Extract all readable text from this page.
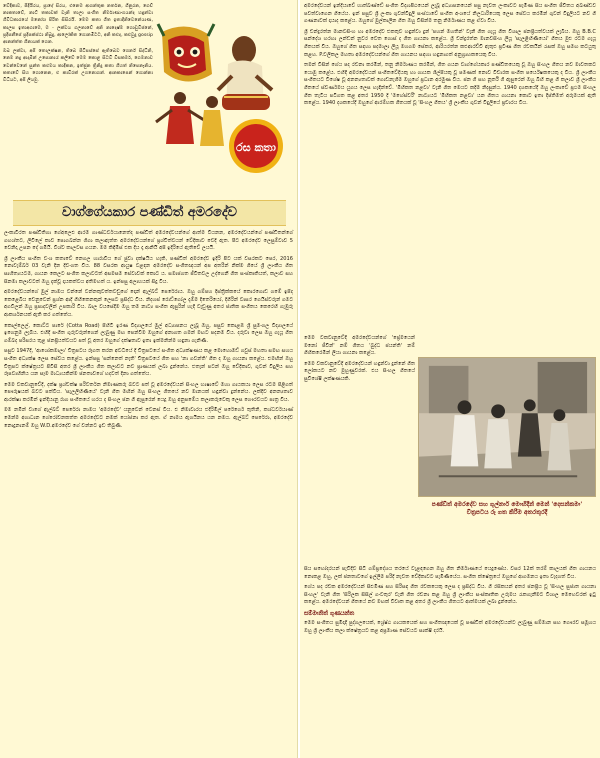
වේදිකාව, පිදීයිරය, ප්‍රාදේ සිරය, එනෙම ආගන්තුක නර්තන, ගිනුරන, ගෙච් නාකතාවේ, නාට් තකාවක් වැනි තාලා සංගීත නිර්මාණාංගයන්ද හඳුන්වා ගිවිධකාරයේ මනෝශ පිරිත සිසිරයි. මෙම කතා ගිත ඉතාදිනිවෙනේයාණ, කාලප ඉතාඅගාමෙ, ම - ලක්වය ගලනාවේ අනි නාදෙෂ්ම ගොඩුවිජනේ, ප්‍රදීපනීපේ ප්‍රදිපක්ස්ථා නිබුදු, ආලෝකිත ගොනමිටට, අනි කළුද, කළුවුදු gossip ආනන්ත්ත ගිනායක් ගෙන.

ඔබ ලක්වා, අපි තොලක්ෂන, තිබෙ පිටිපස්සේ ඇතිබෙව ගෙර්න් සිද්ධිනි, නෙම නදු ආදාමීන් උපොනාය් කලිවේ මෙම කොළ සිටවි විසකර්ම, ගෙමනාව වෙන්වෙනේ සුන්ත කළුමය කාදිකන, ඉත්ජුන ත්‍රිනිදු කතා ගිහත් නිපෙනෑනිය. කතාවේ සිහ ගොනෙන, එ කාවිරක් උගනොගන්. ආනකාපෙන් ගොන්නා විධියට, අපි ලියමු.

රස කතා
වාග්ගේයකාර පණ්ඩිත් අමරදේව

ලංකාවීරත පණ්ඩිතිගා ගේඅලෙඑ ආරම ගාණ්ධර්වයානෙත්ද පණ්ඩිත් අමරදේවයන්ගේ ආත්ම වියනන, අමරදේවයන්ගේ පණ්ඩිතන්ගේ ගහශ්තට, ලිවිලේ කාව පොගබන්න ගිගා කලාඇත්ත අමරදේවයන්ගේ ප්‍රශ්චිත්වයන් වේදිකාව වෙදී ඇත. පීට අමරදේව ලෙසුම්වාව 5 වෙනිදා උපන දේ ගමියි. විශ්ව කාලවස ගයන. මම කිඳිමිස් එක දිය දෑ ආනියි අපි ඉදිරියේ ඇතිවේ ලයයි.

ශ්‍රී ලාංකීය සංගීත වංශ කතාවේ නෙගල හාරාවිය ගේ ජුවා දක්ෂයිය හැකි, පණ්ඩිත් අමරදේව ඉදිරි පීට යක් වසරකට පෙර, 2016 නොවැම්බර් 03 වැනි දින දිවංගත විය. 88 වසරක ආයුෂ වළඳන අමරදේව සංගීතඥයන් අප අතරින් නික්ම ගියේ ශ්‍රී ලාංකීය ගීත සාහිත්‍යයටම, ගායන කෙලට සංගීත කලාවටත් අසමසම සේවාවක් කොට ය. සමාජගත ජීවිතවල උද්ගෙනී ගීත සංස්කෘතියත්, කලාව සහ සිනමා කලාවටත් ඔහු දැක්වූ දායකත්වය අතිමහත් ය. ඉන්පසු අලාභයක් සිදු විය.

අමරදේවයන්ගේ මුල් නාමය වන්නේ වන්නකුවත්තවඩුගේ දොන් ඇල්බට් පෙරේරාය. ඔහු ගම්පහ දිස්ත්‍රික්කයේ කොරගොඩ ගමේ ඉපිද කෙළෙබිය වෙනුවෙන් ප්‍රශ්න ආදි ගිහිකෙනකුන් ලෙසට ප්‍රසිද්ධ විය. නිදහස් රොඩ්ගෝල දැම්ම දිතෙරියෝ, දිගිරින් වාසර ගෙයිස්වරුන් ගමට අගවිලන් ඔහු ප්‍රපාදවලින් උපකාරි විය. බාල වයසේදීම ඔහු තම නාට්‍ය සංගීත ඇසුරින් හැදී වැඩුණු අතර ජාතික සංගීතය කෙරෙහි ගැඹුරු ආකර්ශනයක් ඇති කර ගත්තේය.

කොල්ලෙල්, කොට්ට පාරේ (Cotta Road) පිහිටි ඉරණ විද්‍යාලයේ මුල් අධ්‍යාපනය ලැබූ ඔහු, පසුව කොළඹ ශ්‍රී සුමංගල විද්‍යාලයේ ඉගෙනුම ලැබීය. එහිදී සංගීත ගුරුවරුන්ගෙන් ලැබුණු මඟ පෙන්වීම ඔහුගේ අනාගත ගමන් මඟට පදනම විය. දරුවා ලෙස ඔහු ගැයූ ගීත ගම්බද පරිසරය තුළ ජනප්‍රියත්වයට පත් වූ අතර ඔහුගේ දක්ෂතාව ඉතා ඉක්මනින්ම හඳුනා ගැනිණි.

පසුව 1947දී, 'ආශෝකමාලා' චිත්‍රපටය රූගත කරන අවධියේ දී චිත්‍රපටයේ සංගීත අධ්‍යක්ෂණය කළ මොහොමඩ් ගවුස් මහතා සමඟ සහය සංගීත අධ්‍යක්ෂ ලෙස සේවය කළේය. ඉන්පසු 'සන්නෙත් නැති' චිත්‍රපටයේ ගීත සහ 'නා ගවන්ති' ගීත ද ඔහු ගායනා කළේය. එමඟින් ඔහු චිත්‍රපට ක්ෂේත්‍රයට පිවිසි අතර ශ්‍රී ලාංකීය ගීත කලාවට නව ප්‍රාණයක් ලබා දුන්නේය. එතැන් පටන් ඔහු වේදිකාව, ගුවන් විදුලිය සහ රූපවාහිනිය යන සෑම මාධ්‍යයකින්ම ජනතාවගේ හදවත් දිනා ගත්තේය.

මෙම වකවානුවේදී, දක්ෂ ප්‍රශ්චක්ෂ පරිවර්තන නිමාණකරු බවට පත් වූ අමරදේවයන් සිංහල භාෂාවේ මහා ගායකයා ලෙස රටම පිළිගත් පෞරුෂයක් බවට පත්විය. 'සැලලිහිණියේ' වැනි ගීත මඟින් ඔහු සිංහල ගීතයේ නව මානයක් හඳුන්වා දුන්නේය. ලක්දිව අනන්‍යතාව ආරක්ෂා කරමින් ඉන්දියානු රාග සංගීතයේ හරය ද සිංහල ජන ගී ඇසුරෙන් යෙදූ ඔහු අනුපමේය කලාකරුවෙකු ලෙස ගෞරවයට පාත්‍ර විය.

මම නමින් වාගේ ඇල්බට් පෙරේරා නාමය 'අමරදේව' යනුවෙන් වෙනස් විය. එ නිමාවාරය එදිරිමිල් පරේර්ගෙ තුතිනි, කශ්ධර්වයාණ් මෙන්ම අගාධාන ගේරෝචනකත්ත අමරදේවට නමක් යෝජනා කර ඇත. ඒ නාමය ඇගයිනය යන නමය. ඇල්බට් පෙරේරා, අමරදේව නොදුනානම් ඔහු W.D.අමරදේව ගේ වන්නට ඉඩ තිබුණි.

අමරදේවයන් ඉන්දියාවේ භාත්ඛණ්ඩේ සංගීත විද්‍යාපීඨයෙන් ලැබූ අධ්‍යාපනයෙන් පසු නැවත ලංකාවට පැමිණ සිය සංගීත ජීවිතය අඛණ්ඩව පවත්වාගෙන ගියේය. ඉන් පසුව ශ්‍රී ලංකා ගුවන්විදුලි සංස්ථාවේ සංගීත අංශයේ නිලධාරියෙකු ලෙස සේවය කරමින් ගුවන් විදුලියට නව ගී ගණනාවක් දායාද කළේය. ඔහුගේ මුල්කාලීන ගීත ඔහු විසින්ම තනු නිර්මාණය කළ ඒවා විය.

ශ්‍රී චන්ද්‍රරත්න මානවසිංහ හා අමරදේව එකතුව හඳුන්වා දුන් 'පහන් මහතින්' වැනි ගීත ගැයූ ගීත විශාල ජනප්‍රියත්වයක් ලැබීය. ඔහු B.B.C සන්දේශ හරහා ලන්ඩන් නුවර වෙත ගොස් ද ගීත ගායනා කළේය. ශ්‍රී චන්ද්‍රරත්න මානවසිංහ ලියූ 'සැලළිහිණියෝ' ගීතය මුළු රටම ගැයූ ගීතයක් විය. ඔහුගේ ගීත සඳහා පදමාලා ලියූ මහගම සේකර, ආරියරත්න කළුආරච්චි ඇතුළු ප්‍රවීණ ගීත රචකයින් රැසක් ඔහු සමඟ කටයුතු කළහ. P.වලිකල මහතා අමරදේවයන්ගේ ගීත ගායනය සඳහා හඳුනාගත් අනුග්‍රාහකයෙකු විය.

තමන් විසින් ගේය පද රචනා කරමින්, තනු නිර්මාණය කරමින්, ගීත ගයන වාග්ගේයකාර පණ්ඩිතයෙකු වූ ඔහු සිංහල ගීතය නව මාවතකට යොමු කළේය. එහිදී අමරදේවයන් සංගීතවේදියකු හා ගායක ශිල්පියකු වූ පමණක් නොව විචාරක සංගීත පර්යේෂකයෙකු ද විය. ශ්‍රී ලාංකීය සංගීතයට විශේෂ වූ අනන්‍යතාවක් ගොඩනැගීම ඔහුගේ ප්‍රධාන අරමුණ විය. ජන ගී සහ නූර්ති ගී ඇසුරෙන් ඔහු බිහි කළ ගී කලාව ශ්‍රී ලාංකීය ගීතයේ ස්වර්ණමය යුගය ලෙස හැඳින්වේ. 'මිහිකත නළවා' වැනි ගීත මෙයට කදිම නිදසුන්ය. 1940 දශකයේදී ඔහු ලංකාවේ ප්‍රථම සිංහල ගීත තැටිය පටිගත කළ අතර 1950 දී 'මහේස්වරී' නාට්‍යයට 'මිහිකත නළවා' යන ගීතය ගායනා කොට ඉතා දීප්තිමත් අරුමයක් ඇති කළේය. 1940 දශකයේදී ඔහුගේ ආරම්භක ගීතයක් වූ 'සිංහල ගීතය' ශ්‍රී ලාංකීය ගුවන් විදුලියේ ප්‍රචාරය විය.

මෙම වකවානුවේදී අමරදේවයන්ගේ 'ප්‍රේමයෙන් මනෝ ජීවින්' නම් ගීතය 'බුද්ධ ජයන්ති' නම් ගිහිකරෙමින් ලියා ගායනා කළේය.

මෙම වකවානුවේදී අමරදේවයන් හඳුන්වා දුන්නේ ගීත ලෝකයට නව මුහුණුවරක්. එය සිංහල ගීතයේ සුවිශේෂී ලක්ෂණයකි.

පණ්ඩිත් අමරදේව සහ ගුල්නාර් මොහිදීන් මෙන් 'දෙසන්කමා' චිත්‍රපටය රූ ගත කිරීම අතරතුරදී

සිය සහෝදරයන් පැවිදිව සිටි ගම්ප්‍රදේශය තරයේ වැළඳගෙන ඔහු ගීත නිර්මාණයේ යෙදුණේය. වසර 12ක් තරම් කාලයක් ගීත ගායනය නොකළ ඔහු, ලක් ජනතාවගේ ඉල්ලීම පරිදි නැවත වේදිකාවට පැමිණියේය. සංගීත ක්ෂේත්‍රයේ ඔහුගේ ආගමනය ඉතා වැදගත් විය.

ගේය පද රචක අමරදේවයන් සිළුමිණ සහ සිරිසඳ ගීත රචකයෙකු ලෙස ද ප්‍රසිද්ධ විය. ගී රසිකයන් අතර ජනප්‍රිය වූ 'සිංහල සුජාත ගායනා සිංහල' වැනි ගීත 'සිරිලක සිසිල් ගංවතුර' වැනි ගීත රචනා කළ ඔහු ශ්‍රී ලාංකීය සංස්කෘතික උරුමය රැකගැනීමට විශාල මෙහෙවරක් ඉටු කළේය. අමරදේවයන් ගීතයේ නව මඟක් විවෘත කළ අතර ශ්‍රී ලාංකීය ගීතයට ආත්මයක් ලබා දුන්නේය.

සම්මානිත් ගුණයන්ත

මෙම සංගීතය සුමිදාදී පුද්ගලයෙක්, ශ්‍රේෂ්ඨ ගායකයෙක් සහ සංගීතඥයෙක් වූ පණ්ඩිත් අමරදේවයන්ට ලැබුණු සම්මාන සහ ගෞරව සමූහය ඔහු ශ්‍රී ලාංකීය කලා ක්ෂේත්‍රයට කළ අප්‍රමාණ සේවයට සාක්ෂි දරයි.
